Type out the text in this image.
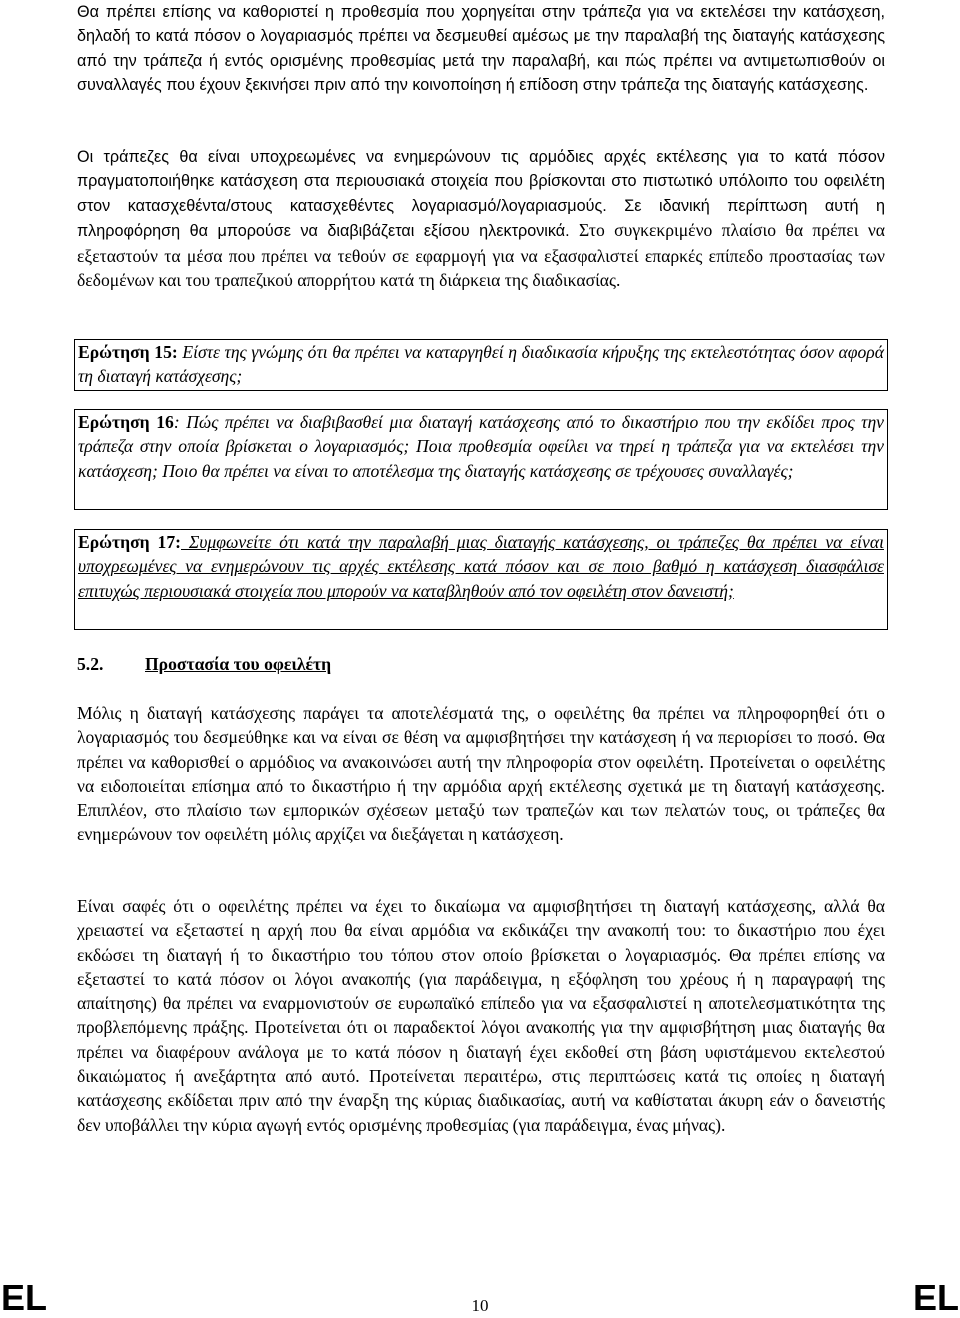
Θα πρέπει επίσης να καθοριστεί η προθεσμία που χορηγείται στην τράπεζα για να εκτελέσει την κατάσχεση, δηλαδή το κατά πόσον ο λογαριασμός πρέπει να δεσμευθεί αμέσως με την παραλαβή της διαταγής κατάσχεσης από την τράπεζα ή εντός ορισμένης προθεσμίας μετά την παραλαβή, και πώς πρέπει να αντιμετωπισθούν οι συναλλαγές που έχουν ξεκινήσει πριν από την κοινοποίηση ή επίδοση στην τράπεζα της διαταγής κατάσχεσης.

Οι τράπεζες θα είναι υποχρεωμένες να ενημερώνουν τις αρμόδιες αρχές εκτέλεσης για το κατά πόσον πραγματοποιήθηκε κατάσχεση στα περιουσιακά στοιχεία που βρίσκονται στο πιστωτικό υπόλοιπο του οφειλέτη στον κατασχεθέντα/στους κατασχεθέντες λογαριασμό/λογαριασμούς. Σε ιδανική περίπτωση αυτή η πληροφόρηση θα μπορούσε να διαβιβάζεται εξίσου ηλεκτρονικά. Στο συγκεκριμένο πλαίσιο θα πρέπει να εξεταστούν τα μέσα που πρέπει να τεθούν σε εφαρμογή για να εξασφαλιστεί επαρκές επίπεδο προστασίας των δεδομένων και του τραπεζικού απορρήτου κατά τη διάρκεια της διαδικασίας.

Ερώτηση 15: Είστε της γνώμης ότι θα πρέπει να καταργηθεί η διαδικασία κήρυξης της εκτελεστότητας όσον αφορά τη διαταγή κατάσχεσης;
Ερώτηση 16: Πώς πρέπει να διαβιβασθεί μια διαταγή κατάσχεσης από το δικαστήριο που την εκδίδει προς την τράπεζα στην οποία βρίσκεται ο λογαριασμός; Ποια προθεσμία οφείλει να τηρεί η τράπεζα για να εκτελέσει την κατάσχεση; Ποιο θα πρέπει να είναι το αποτέλεσμα της διαταγής κατάσχεσης σε τρέχουσες συναλλαγές;
Ερώτηση 17: Συμφωνείτε ότι κατά την παραλαβή μιας διαταγής κατάσχεσης, οι τράπεζες θα πρέπει να είναι υποχρεωμένες να ενημερώνουν τις αρχές εκτέλεσης κατά πόσον και σε ποιο βαθμό η κατάσχεση διασφάλισε επιτυχώς περιουσιακά στοιχεία που μπορούν να καταβληθούν από τον οφειλέτη στον δανειστή;
5.2. Προστασία του οφειλέτη

Μόλις η διαταγή κατάσχεσης παράγει τα αποτελέσματά της, ο οφειλέτης θα πρέπει να πληροφορηθεί ότι ο λογαριασμός του δεσμεύθηκε και να είναι σε θέση να αμφισβητήσει την κατάσχεση ή να περιορίσει το ποσό. Θα πρέπει να καθορισθεί ο αρμόδιος να ανακοινώσει αυτή την πληροφορία στον οφειλέτη. Προτείνεται ο οφειλέτης να ειδοποιείται επίσημα από το δικαστήριο ή την αρμόδια αρχή εκτέλεσης σχετικά με τη διαταγή κατάσχεσης. Επιπλέον, στο πλαίσιο των εμπορικών σχέσεων μεταξύ των τραπεζών και των πελατών τους, οι τράπεζες θα ενημερώνουν τον οφειλέτη μόλις αρχίζει να διεξάγεται η κατάσχεση.

Είναι σαφές ότι ο οφειλέτης πρέπει να έχει το δικαίωμα να αμφισβητήσει τη διαταγή κατάσχεσης, αλλά θα χρειαστεί να εξεταστεί η αρχή που θα είναι αρμόδια να εκδικάζει την ανακοπή του: το δικαστήριο που έχει εκδώσει τη διαταγή ή το δικαστήριο του τόπου στον οποίο βρίσκεται ο λογαριασμός. Θα πρέπει επίσης να εξεταστεί το κατά πόσον οι λόγοι ανακοπής (για παράδειγμα, η εξόφληση του χρέους ή η παραγραφή της απαίτησης) θα πρέπει να εναρμονιστούν σε ευρωπαϊκό επίπεδο για να εξασφαλιστεί η αποτελεσματικότητα της προβλεπόμενης πράξης. Προτείνεται ότι οι παραδεκτοί λόγοι ανακοπής για την αμφισβήτηση μιας διαταγής θα πρέπει να διαφέρουν ανάλογα με το κατά πόσον η διαταγή έχει εκδοθεί στη βάση υφιστάμενου εκτελεστού δικαιώματος ή ανεξάρτητα από αυτό. Προτείνεται περαιτέρω, στις περιπτώσεις κατά τις οποίες η διαταγή κατάσχεσης εκδίδεται πριν από την έναρξη της κύριας διαδικασίας, αυτή να καθίσταται άκυρη εάν ο δανειστής δεν υποβάλλει την κύρια αγωγή εντός ορισμένης προθεσμίας (για παράδειγμα, ένας μήνας).

EL	10	EL
